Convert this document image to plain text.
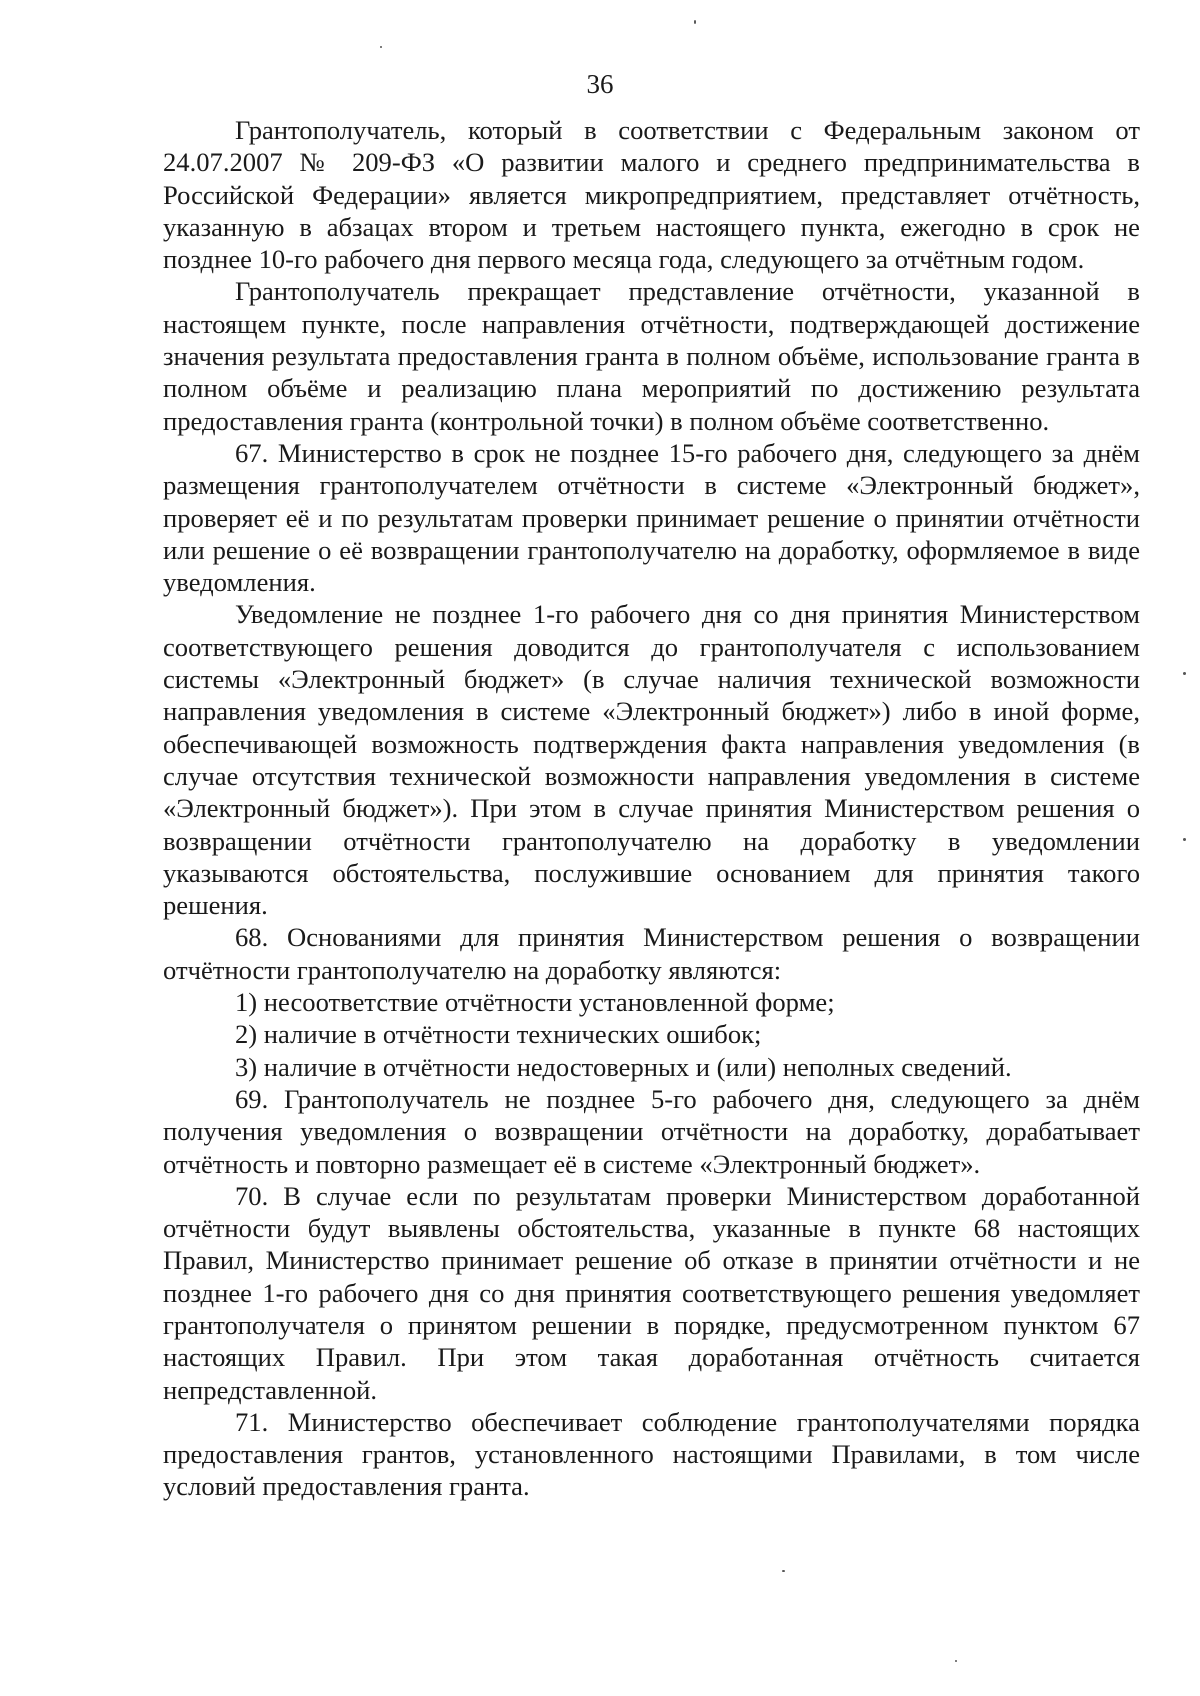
36

Грантополучатель, который в соответствии с Федеральным законом от 24.07.2007 № 209-ФЗ «О развитии малого и среднего предпринимательства в Российской Федерации» является микропредприятием, представляет отчётность, указанную в абзацах втором и третьем настоящего пункта, ежегодно в срок не позднее 10-го рабочего дня первого месяца года, следующего за отчётным годом.

Грантополучатель прекращает представление отчётности, указанной в настоящем пункте, после направления отчётности, подтверждающей достижение значения результата предоставления гранта в полном объёме, использование гранта в полном объёме и реализацию плана мероприятий по достижению результата предоставления гранта (контрольной точки) в полном объёме соответственно.

67. Министерство в срок не позднее 15-го рабочего дня, следующего за днём размещения грантополучателем отчётности в системе «Электронный бюджет», проверяет её и по результатам проверки принимает решение о принятии отчётности или решение о её возвращении грантополучателю на доработку, оформляемое в виде уведомления.

Уведомление не позднее 1-го рабочего дня со дня принятия Министерством соответствующего решения доводится до грантополучателя с использованием системы «Электронный бюджет» (в случае наличия технической возможности направления уведомления в системе «Электронный бюджет») либо в иной форме, обеспечивающей возможность подтверждения факта направления уведомления (в случае отсутствия технической возможности направления уведомления в системе «Электронный бюджет»). При этом в случае принятия Министерством решения о возвращении отчётности грантополучателю на доработку в уведомлении указываются обстоятельства, послужившие основанием для принятия такого решения.

68. Основаниями для принятия Министерством решения о возвращении отчётности грантополучателю на доработку являются:

1) несоответствие отчётности установленной форме;

2) наличие в отчётности технических ошибок;

3) наличие в отчётности недостоверных и (или) неполных сведений.

69. Грантополучатель не позднее 5-го рабочего дня, следующего за днём получения уведомления о возвращении отчётности на доработку, дорабатывает отчётность и повторно размещает её в системе «Электронный бюджет».

70. В случае если по результатам проверки Министерством доработанной отчётности будут выявлены обстоятельства, указанные в пункте 68 настоящих Правил, Министерство принимает решение об отказе в принятии отчётности и не позднее 1-го рабочего дня со дня принятия соответствующего решения уведомляет грантополучателя о принятом решении в порядке, предусмотренном пунктом 67 настоящих Правил. При этом такая доработанная отчётность считается непредставленной.

71. Министерство обеспечивает соблюдение грантополучателями порядка предоставления грантов, установленного настоящими Правилами, в том числе условий предоставления гранта.
